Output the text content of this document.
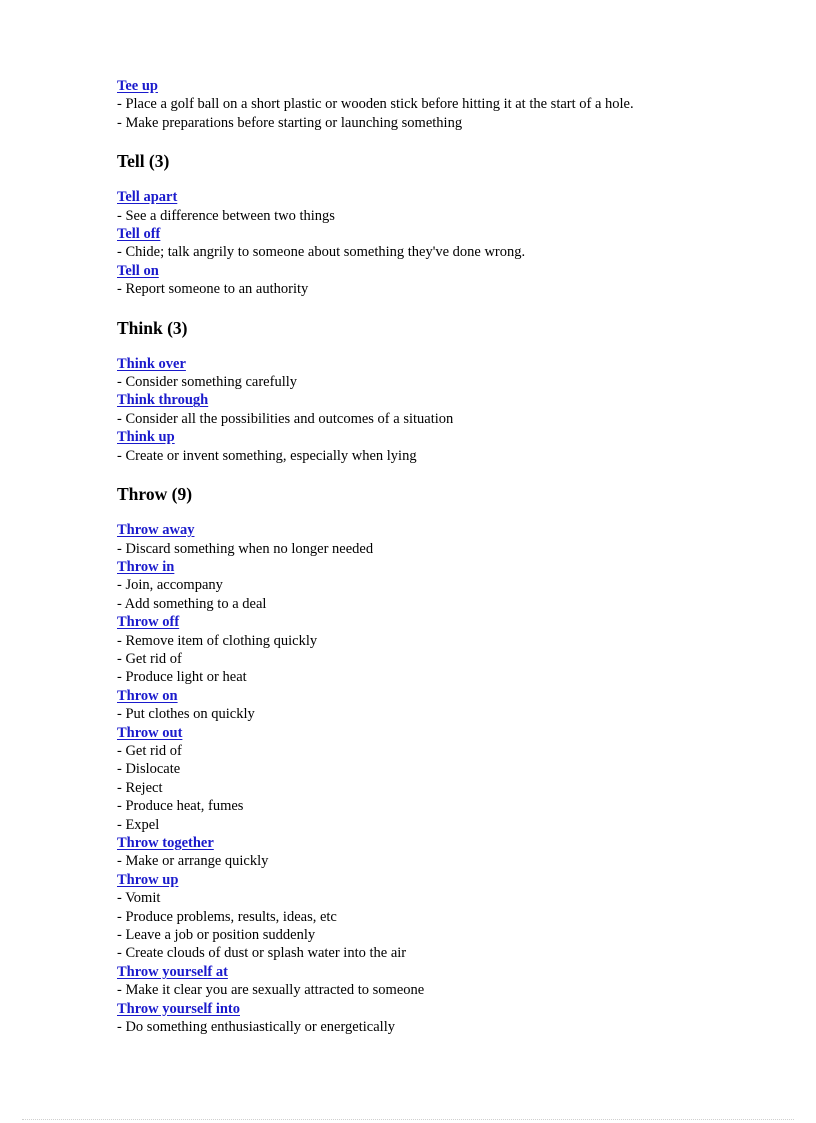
Tee up
- Place a golf ball on a short plastic or wooden stick before hitting it at the start of a hole.
- Make preparations before starting or launching something
Tell (3)
Tell apart
- See a difference between two things
Tell off
- Chide; talk angrily to someone about something they've done wrong.
Tell on
- Report someone to an authority
Think (3)
Think over
- Consider something carefully
Think through
- Consider all the possibilities and outcomes of a situation
Think up
- Create or invent something, especially when lying
Throw (9)
Throw away
- Discard something when no longer needed
Throw in
- Join, accompany
- Add something to a deal
Throw off
- Remove item of clothing quickly
- Get rid of
- Produce light or heat
Throw on
- Put clothes on quickly
Throw out
- Get rid of
- Dislocate
- Reject
- Produce heat, fumes
- Expel
Throw together
- Make or arrange quickly
Throw up
- Vomit
- Produce problems, results, ideas, etc
- Leave a job or position suddenly
- Create clouds of dust or splash water into the air
Throw yourself at
- Make it clear you are sexually attracted to someone
Throw yourself into
- Do something enthusiastically or energetically
